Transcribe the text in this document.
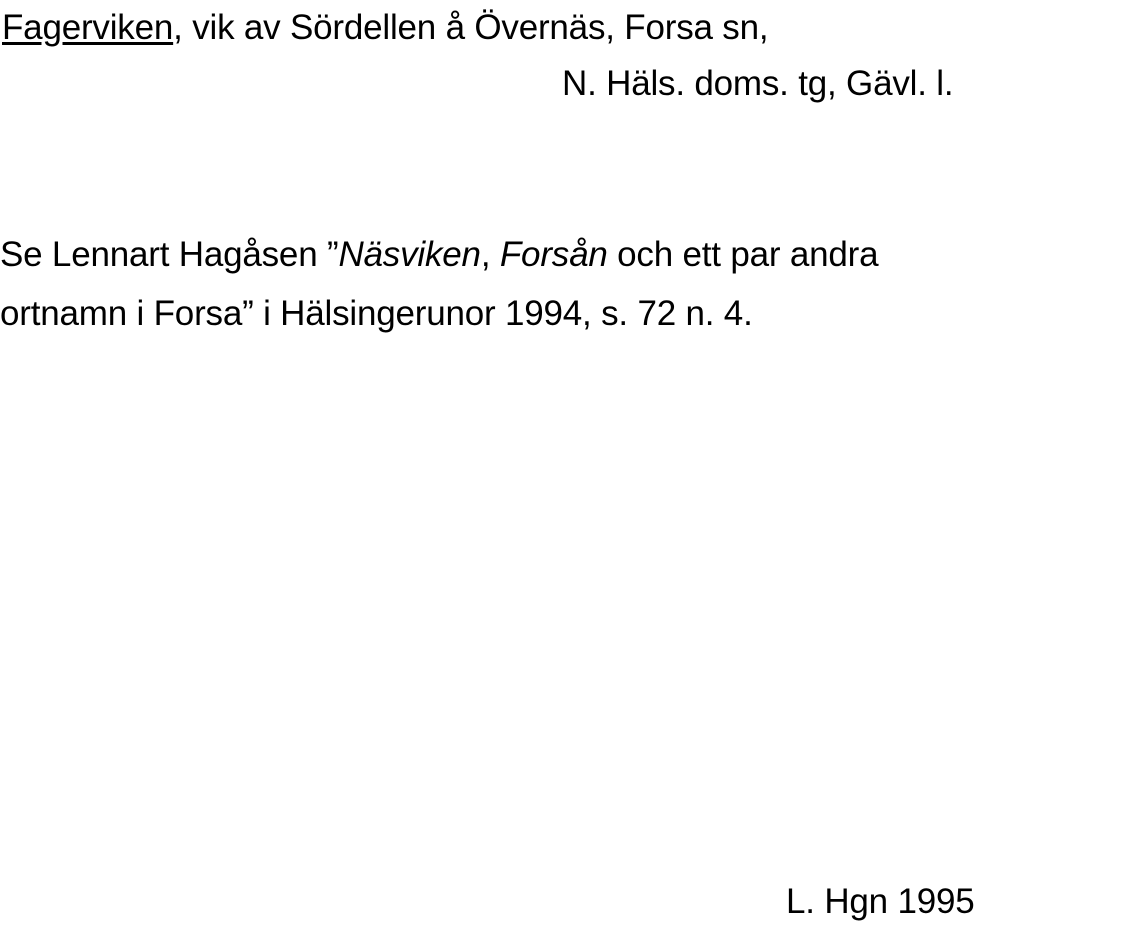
Fagerviken, vik av Sördellen å Övernäs, Forsa sn,
N. Häls. doms. tg, Gävl. l.
Se Lennart Hagåsen ”Näsviken, Forsån och ett par andra
ortnamn i Forsa” i Hälsingerunor 1994, s. 72 n. 4.
L. Hgn 1995
